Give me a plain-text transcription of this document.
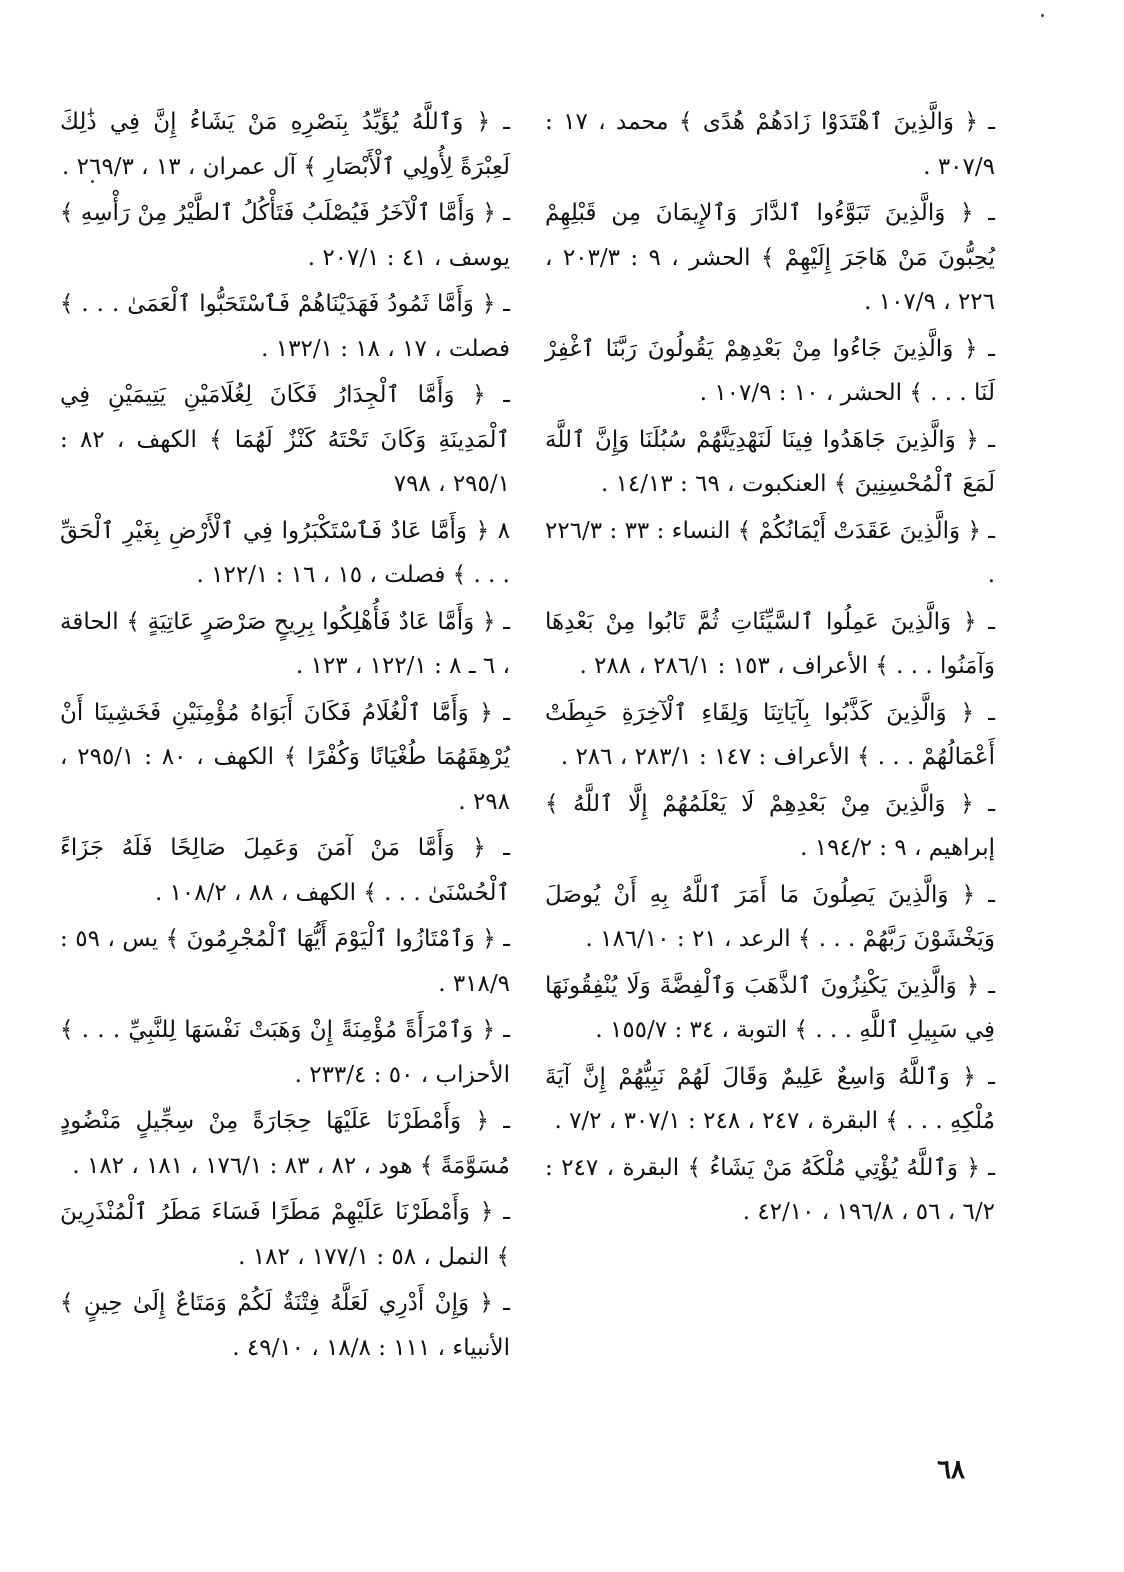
ـ ﴿ وَالَّذِينَ ٱهْتَدَوْا زَادَهُمْ هُدًى ﴾ محمد ، ١٧ : ٣٠٧/٩ .

ـ ﴿ وَالَّذِينَ تَبَوَّءُوا ٱلدَّارَ وَٱلإِيمَانَ مِن قَبْلِهِمْ يُحِبُّونَ مَنْ هَاجَرَ إِلَيْهِمْ ﴾ الحشر ، ٩ : ٢٠٣/٣ ، ٢٢٦ ، ١٠٧/٩ .

ـ ﴿ وَالَّذِينَ جَاءُوا مِنْ بَعْدِهِمْ يَقُولُونَ رَبَّنَا ٱغْفِرْ لَنَا . . . ﴾ الحشر ، ١٠ : ١٠٧/٩ .

ـ ﴿ وَالَّذِينَ جَاهَدُوا فِينَا لَنَهْدِيَنَّهُمْ سُبُلَنَا وَإِنَّ ٱللَّهَ لَمَعَ ٱلْمُحْسِنِينَ ﴾ العنكبوت ، ٦٩ : ١٤/١٣ .

ـ ﴿ وَالَّذِينَ عَقَدَتْ أَيْمَانُكُمْ ﴾ النساء : ٣٣ : ٢٢٦/٣ .

ـ ﴿ وَالَّذِينَ عَمِلُوا ٱلسَّيِّئَاتِ ثُمَّ تَابُوا مِنْ بَعْدِهَا وَآمَنُوا . . . ﴾ الأعراف ، ١٥٣ : ٢٨٦/١ ، ٢٨٨ .

ـ ﴿ وَالَّذِينَ كَذَّبُوا بِآيَاتِنَا وَلِقَاءِ ٱلْآخِرَةِ حَبِطَتْ أَعْمَالُهُمْ . . . ﴾ الأعراف : ١٤٧ : ٢٨٣/١ ، ٢٨٦ .

ـ ﴿ وَالَّذِينَ مِنْ بَعْدِهِمْ لَا يَعْلَمُهُمْ إِلَّا ٱللَّهُ ﴾ إبراهيم ، ٩ : ١٩٤/٢ .

ـ ﴿ وَالَّذِينَ يَصِلُونَ مَا أَمَرَ ٱللَّهُ بِهِ أَنْ يُوصَلَ وَيَخْشَوْنَ رَبَّهُمْ . . . ﴾ الرعد ، ٢١ : ١٨٦/١٠ .

ـ ﴿ وَالَّذِينَ يَكْنِزُونَ ٱلذَّهَبَ وَٱلْفِضَّةَ وَلَا يُنْفِقُونَهَا فِي سَبِيلِ ٱللَّهِ . . . ﴾ التوبة ، ٣٤ : ١٥٥/٧ .

ـ ﴿ وَٱللَّهُ وَاسِعٌ عَلِيمٌ وَقَالَ لَهُمْ نَبِيُّهُمْ إِنَّ آيَةَ مُلْكِهِ . . . ﴾ البقرة ، ٢٤٧ ، ٢٤٨ : ٣٠٧/١ ، ٧/٢ .

ـ ﴿ وَٱللَّهُ يُؤْتِي مُلْكَهُ مَنْ يَشَاءُ ﴾ البقرة ، ٢٤٧ : ٦/٢ ، ٥٦ ، ١٩٦/٨ ، ٤٢/١٠ .

ـ ﴿ وَٱللَّهُ يُؤَيِّدُ بِنَصْرِهِ مَنْ يَشَاءُ إِنَّ فِي ذَٰلِكَ لَعِبْرَةً لِأُولِي ٱلْأَبْصَارِ ﴾ آل عمران ، ١٣ ، ٢٦٩/٣ .

ـ ﴿ وَأَمَّا ٱلْآخَرُ فَيُصْلَبُ فَتَأْكُلُ ٱلطَّيْرُ مِنْ رَأْسِهِ ﴾ يوسف ، ٤١ : ٢٠٧/١ .

ـ ﴿ وَأَمَّا ثَمُودُ فَهَدَيْنَاهُمْ فَٱسْتَحَبُّوا ٱلْعَمَىٰ . . . ﴾ فصلت ، ١٧ ، ١٨ : ١٣٢/١ .

ـ ﴿ وَأَمَّا ٱلْجِدَارُ فَكَانَ لِغُلَامَيْنِ يَتِيمَيْنِ فِي ٱلْمَدِينَةِ وَكَانَ تَحْتَهُ كَنْزٌ لَهُمَا ﴾ الكهف ، ٨٢ : ٢٩٥/١ ، ٧٩٨

٨ ﴿ وَأَمَّا عَادٌ فَٱسْتَكْبَرُوا فِي ٱلْأَرْضِ بِغَيْرِ ٱلْحَقِّ . . . ﴾ فصلت ، ١٥ ، ١٦ : ١٢٢/١ .

ـ ﴿ وَأَمَّا عَادٌ فَأُهْلِكُوا بِرِيحٍ صَرْصَرٍ عَاتِيَةٍ ﴾ الحاقة ، ٦ ـ ٨ : ١٢٢/١ ، ١٢٣ .

ـ ﴿ وَأَمَّا ٱلْغُلَامُ فَكَانَ أَبَوَاهُ مُؤْمِنَيْنِ فَخَشِينَا أَنْ يُرْهِقَهُمَا طُغْيَانًا وَكُفْرًا ﴾ الكهف ، ٨٠ : ٢٩٥/١ ، ٢٩٨ .

ـ ﴿ وَأَمَّا مَنْ آمَنَ وَعَمِلَ صَالِحًا فَلَهُ جَزَاءً ٱلْحُسْنَىٰ . . . ﴾ الكهف ، ٨٨ ، ١٠٨/٢ .

ـ ﴿ وَٱمْتَازُوا ٱلْيَوْمَ أَيُّهَا ٱلْمُجْرِمُونَ ﴾ يس ، ٥٩ : ٣١٨/٩ .

ـ ﴿ وَٱمْرَأَةً مُؤْمِنَةً إِنْ وَهَبَتْ نَفْسَهَا لِلنَّبِيِّ . . . ﴾ الأحزاب ، ٥٠ : ٢٣٣/٤ .

ـ ﴿ وَأَمْطَرْنَا عَلَيْهَا حِجَارَةً مِنْ سِجِّيلٍ مَنْضُودٍ مُسَوَّمَةً ﴾ هود ، ٨٢ ، ٨٣ : ١٧٦/١ ، ١٨١ ، ١٨٢ .

ـ ﴿ وَأَمْطَرْنَا عَلَيْهِمْ مَطَرًا فَسَاءَ مَطَرُ ٱلْمُنْذَرِينَ ﴾ النمل ، ٥٨ : ١٧٧/١ ، ١٨٢ .

ـ ﴿ وَإِنْ أَدْرِي لَعَلَّهُ فِتْنَةٌ لَكُمْ وَمَتَاعٌ إِلَىٰ حِينٍ ﴾ الأنبياء ، ١١١ : ١٨/٨ ، ٤٩/١٠ .

٦٨
